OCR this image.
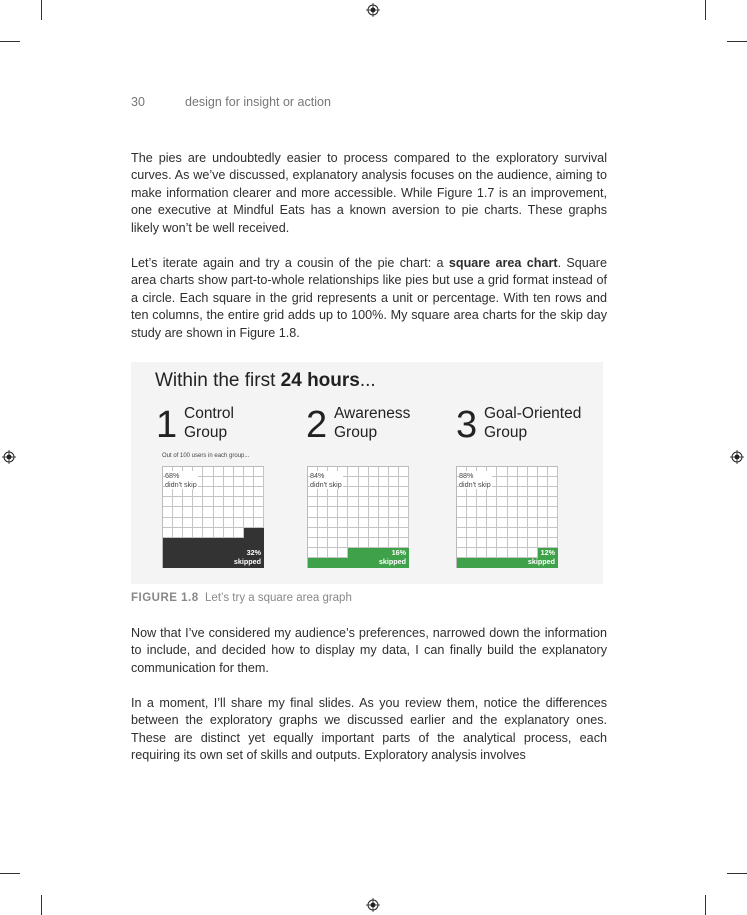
30	design for insight or action

The pies are undoubtedly easier to process compared to the exploratory survival curves. As we’ve discussed, explanatory analysis focuses on the audience, aiming to make information clearer and more accessible. While Figure 1.7 is an improvement, one executive at Mindful Eats has a known aversion to pie charts. These graphs likely won’t be well received.

Let’s iterate again and try a cousin of the pie chart: a square area chart. Square area charts show part-to-whole relationships like pies but use a grid format instead of a circle. Each square in the grid represents a unit or percentage. With ten rows and ten columns, the entire grid adds up to 100%. My square area charts for the skip day study are shown in Figure 1.8.

Within the first 24 hours...
Out of 100 users in each group...
1 Control
Group
68%
didn't skip
32%
skipped
2 Awareness
Group
84%
didn't skip
16%
skipped
3 Goal-Oriented
Group
88%
didn't skip
12%
skipped
FIGURE 1.8 Let’s try a square area graph

Now that I’ve considered my audience’s preferences, narrowed down the information to include, and decided how to display my data, I can finally build the explanatory communication for them.

In a moment, I’ll share my final slides. As you review them, notice the differences between the exploratory graphs we discussed earlier and the explanatory ones. These are distinct yet equally important parts of the analytical process, each requiring its own set of skills and outputs. Exploratory analysis involves
